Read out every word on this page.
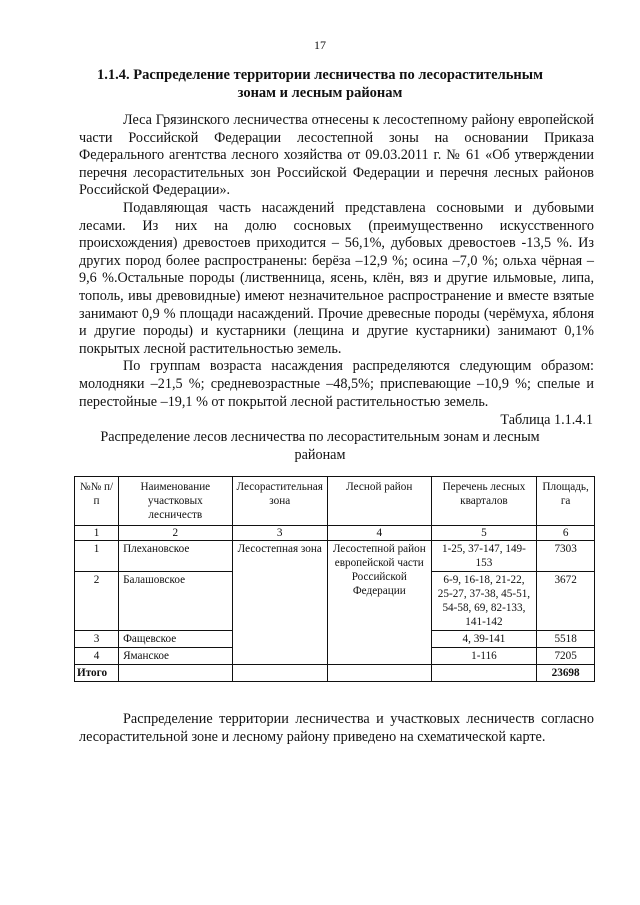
17
1.1.4. Распределение территории лесничества по лесорастительным зонам и лесным районам

Леса Грязинского лесничества отнесены к лесостепному району европейской части Российской Федерации лесостепной зоны на основании Приказа Федерального агентства лесного хозяйства от 09.03.2011 г. № 61 «Об утверждении перечня лесорастительных зон Российской Федерации и перечня лесных районов Российской Федерации».

Подавляющая часть насаждений представлена сосновыми и дубовыми лесами. Из них на долю сосновых (преимущественно искусственного происхождения) древостоев приходится – 56,1%, дубовых древостоев -13,5 %. Из других пород более распространены: берёза –12,9 %; осина –7,0 %; ольха чёрная – 9,6 %.Остальные породы (лиственница, ясень, клён, вяз и другие ильмовые, липа, тополь, ивы древовидные) имеют незначительное распространение и вместе взятые занимают 0,9 % площади насаждений. Прочие древесные породы (черёмуха, яблоня и другие породы) и кустарники (лещина и другие кустарники) занимают 0,1% покрытых лесной растительностью земель.

По группам возраста насаждения распределяются следующим образом: молодняки –21,5 %; средневозрастные –48,5%; приспевающие –10,9 %; спелые и перестойные –19,1 % от покрытой лесной растительностью земель.

Таблица 1.1.4.1
Распределение лесов лесничества по лесорастительным зонам и лесным районам
№№ п/п	Наименование участковых лесничеств	Лесорастительная зона	Лесной район	Перечень лесных кварталов	Площадь, га
1	2	3	4	5	6
1	Плехановское	Лесостепная зона	Лесостепной район европейской части Российской Федерации	1-25, 37-147, 149-153	7303
2	Балашовское			6-9, 16-18, 21-22, 25-27, 37-38, 45-51, 54-58, 69, 82-133, 141-142	3672
3	Фащевское			4, 39-141	5518
4	Яманское			1-116	7205
Итого					23698

Распределение территории лесничества и участковых лесничеств согласно лесорастительной зоне и лесному району приведено на схематической карте.
